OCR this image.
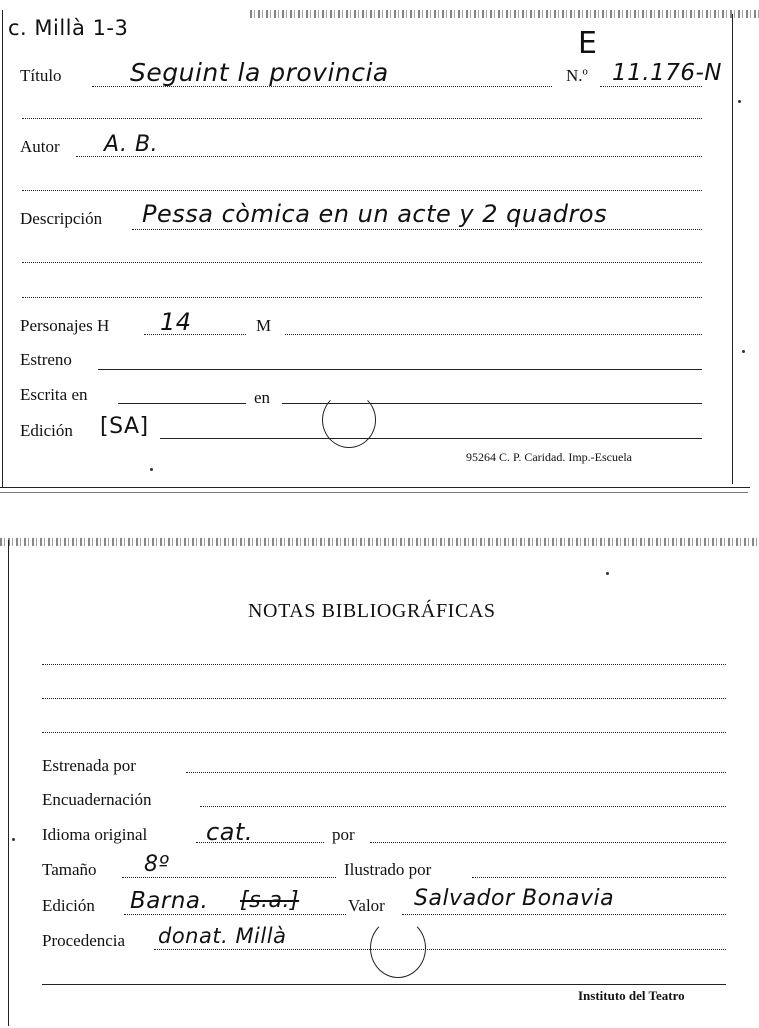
c. Millà 1-3	E
Título	Seguint la provincia	N.º 11.176-N
Autor A. B.
Descripción Pessa còmica en un acte y 2 quadros
Personajes H 14	M
Estreno
Escrita en	en
Edición [SA]
95264 C. P. Caridad. Imp.-Escuela
NOTAS BIBLIOGRÁFICAS
Estrenada por
Encuadernación
Idioma original cat.	por
Tamaño 8º	Ilustrado por
Edición Barna. [s.a.]	Valor Salvador Bonavia
Procedencia donat. Millà
Instituto del Teatro
